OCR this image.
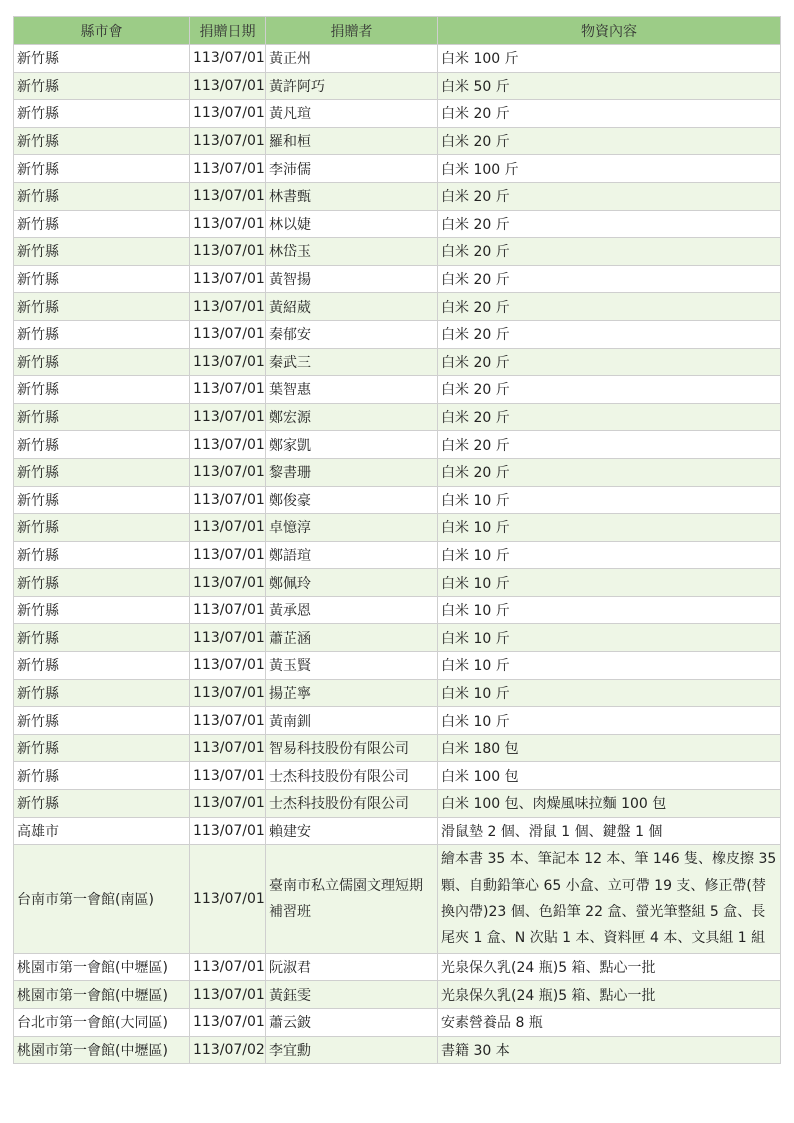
縣市會	捐贈日期	捐贈者	物資內容
新竹縣	113/07/01	黃正州	白米 100 斤
新竹縣	113/07/01	黃許阿巧	白米 50 斤
新竹縣	113/07/01	黃凡瑄	白米 20 斤
新竹縣	113/07/01	羅和桓	白米 20 斤
新竹縣	113/07/01	李沛儒	白米 100 斤
新竹縣	113/07/01	林書甄	白米 20 斤
新竹縣	113/07/01	林以婕	白米 20 斤
新竹縣	113/07/01	林岱玉	白米 20 斤
新竹縣	113/07/01	黃智揚	白米 20 斤
新竹縣	113/07/01	黃紹葳	白米 20 斤
新竹縣	113/07/01	秦郁安	白米 20 斤
新竹縣	113/07/01	秦武三	白米 20 斤
新竹縣	113/07/01	葉智惠	白米 20 斤
新竹縣	113/07/01	鄭宏源	白米 20 斤
新竹縣	113/07/01	鄭家凱	白米 20 斤
新竹縣	113/07/01	黎書珊	白米 20 斤
新竹縣	113/07/01	鄭俊豪	白米 10 斤
新竹縣	113/07/01	卓憶淳	白米 10 斤
新竹縣	113/07/01	鄭語瑄	白米 10 斤
新竹縣	113/07/01	鄭佩玲	白米 10 斤
新竹縣	113/07/01	黃承恩	白米 10 斤
新竹縣	113/07/01	蕭芷涵	白米 10 斤
新竹縣	113/07/01	黃玉賢	白米 10 斤
新竹縣	113/07/01	揚芷寧	白米 10 斤
新竹縣	113/07/01	黃南釧	白米 10 斤
新竹縣	113/07/01	智易科技股份有限公司	白米 180 包
新竹縣	113/07/01	士杰科技股份有限公司	白米 100 包
新竹縣	113/07/01	士杰科技股份有限公司	白米 100 包、肉燥風味拉麵 100 包
高雄市	113/07/01	賴建安	滑鼠墊 2 個、滑鼠 1 個、鍵盤 1 個
台南市第一會館(南區)	113/07/01	臺南市私立儒園文理短期補習班	繪本書 35 本、筆記本 12 本、筆 146 隻、橡皮擦 35 顆、自動鉛筆心 65 小盒、立可帶 19 支、修正帶(替換內帶)23 個、色鉛筆 22 盒、螢光筆整組 5 盒、長尾夾 1 盒、N 次貼 1 本、資料匣 4 本、文具組 1 組
桃園市第一會館(中壢區)	113/07/01	阮淑君	光泉保久乳(24 瓶)5 箱、點心一批
桃園市第一會館(中壢區)	113/07/01	黃鈺雯	光泉保久乳(24 瓶)5 箱、點心一批
台北市第一會館(大同區)	113/07/01	蕭云鈹	安素營養品 8 瓶
桃園市第一會館(中壢區)	113/07/02	李宜勳	書籍 30 本
